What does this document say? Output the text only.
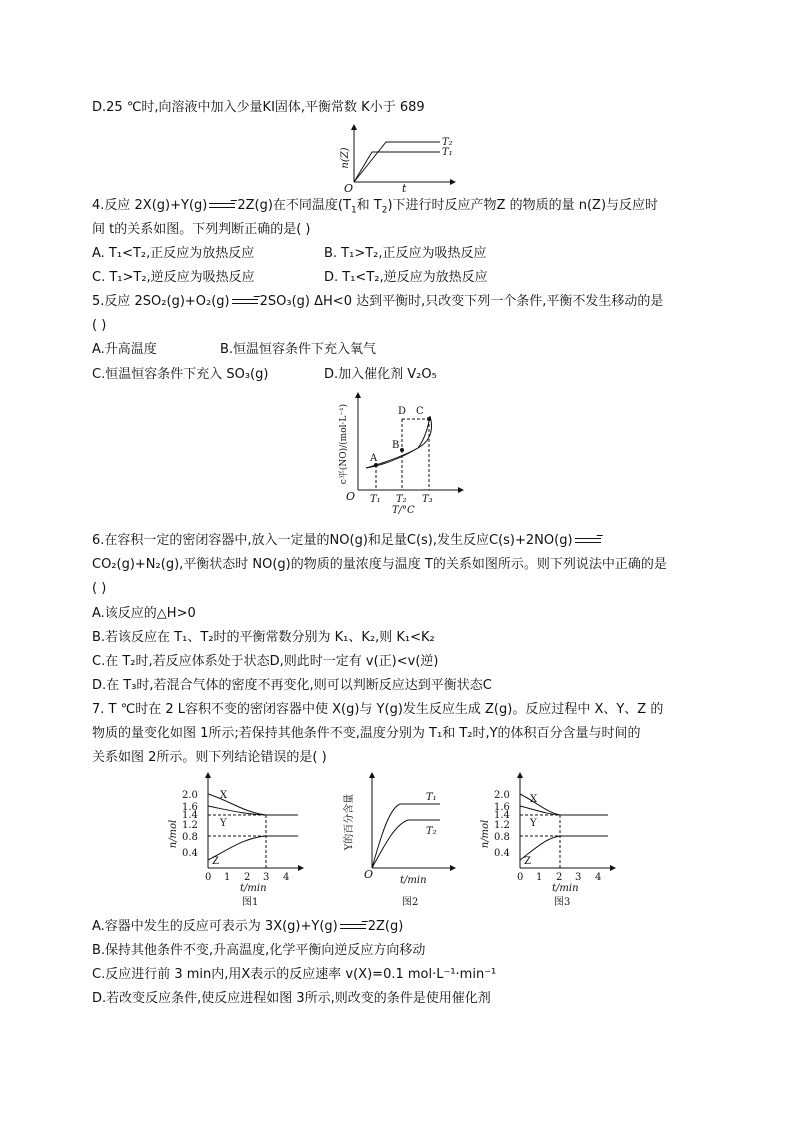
D.25 ℃时,向溶液中加入少量KI固体,平衡常数 K小于 689
n(Z)
O	t
T₂
T₁
4.反应 2X(g)+Y(g) → 2Z(g)在不同温度($T_1$和 $T_2$)下进行时反应产物Z 的物质的量 n(Z)与反应时
间 t的关系如图。下列判断正确的是( )
A. T₁<T₂,正反应为放热反应	B. T₁>T₂,正反应为吸热反应
C. T₁>T₂,逆反应为吸热反应	D. T₁<T₂,逆反应为放热反应
5.反应 2SO₂(g)+O₂(g) → 2SO₃(g) ΔH<0 达到平衡时,只改变下列一个条件,平衡不发生移动的是
( )
A.升高温度	B.恒温恒容条件下充入氧气
C.恒温恒容条件下充入 SO₃(g)	D.加入催化剂 V₂O₅
c平(NO)/(mol·L⁻¹) A
B
D C
O T₁ T₂ T₃
T/°C
6.在容积一定的密闭容器中,放入一定量的NO(g)和足量C(s),发生反应C(s)+2NO(g) →
CO₂(g)+N₂(g),平衡状态时 NO(g)的物质的量浓度与温度 T的关系如图所示。则下列说法中正确的是
( )
A.该反应的△H>0
B.若该反应在 T₁、T₂时的平衡常数分别为 K₁、K₂,则 K₁<K₂
C.在 T₂时,若反应体系处于状态D,则此时一定有 v(正)<v(逆)
D.在 T₃时,若混合气体的密度不再变化,则可以判断反应达到平衡状态C
7. T ℃时在 2 L容积不变的密闭容器中使 X(g)与 Y(g)发生反应生成 Z(g)。反应过程中 X、Y、Z 的
物质的量变化如图 1所示;若保持其他条件不变,温度分别为 T₁和 T₂时,Y的体积百分含量与时间的
关系如图 2所示。则下列结论错误的是( )
2.0
1.6
1.4
1.2
0.8
0.4
n/mol
X
Y
Z
0 1 2 3 4
t/min
图1
Y的百分含量	T₁
T₂
O	t/min
图2
2.0
1.6
1.4
1.2
0.8
0.4
n/mol
X
Y
Z
0 1 2 3 4
t/min
图3
A.容器中发生的反应可表示为 3X(g)+Y(g) → 2Z(g)
B.保持其他条件不变,升高温度,化学平衡向逆反应方向移动
C.反应进行前 3 min内,用X表示的反应速率 v(X)=0.1 mol·L⁻¹·min⁻¹
D.若改变反应条件,使反应进程如图 3所示,则改变的条件是使用催化剂
